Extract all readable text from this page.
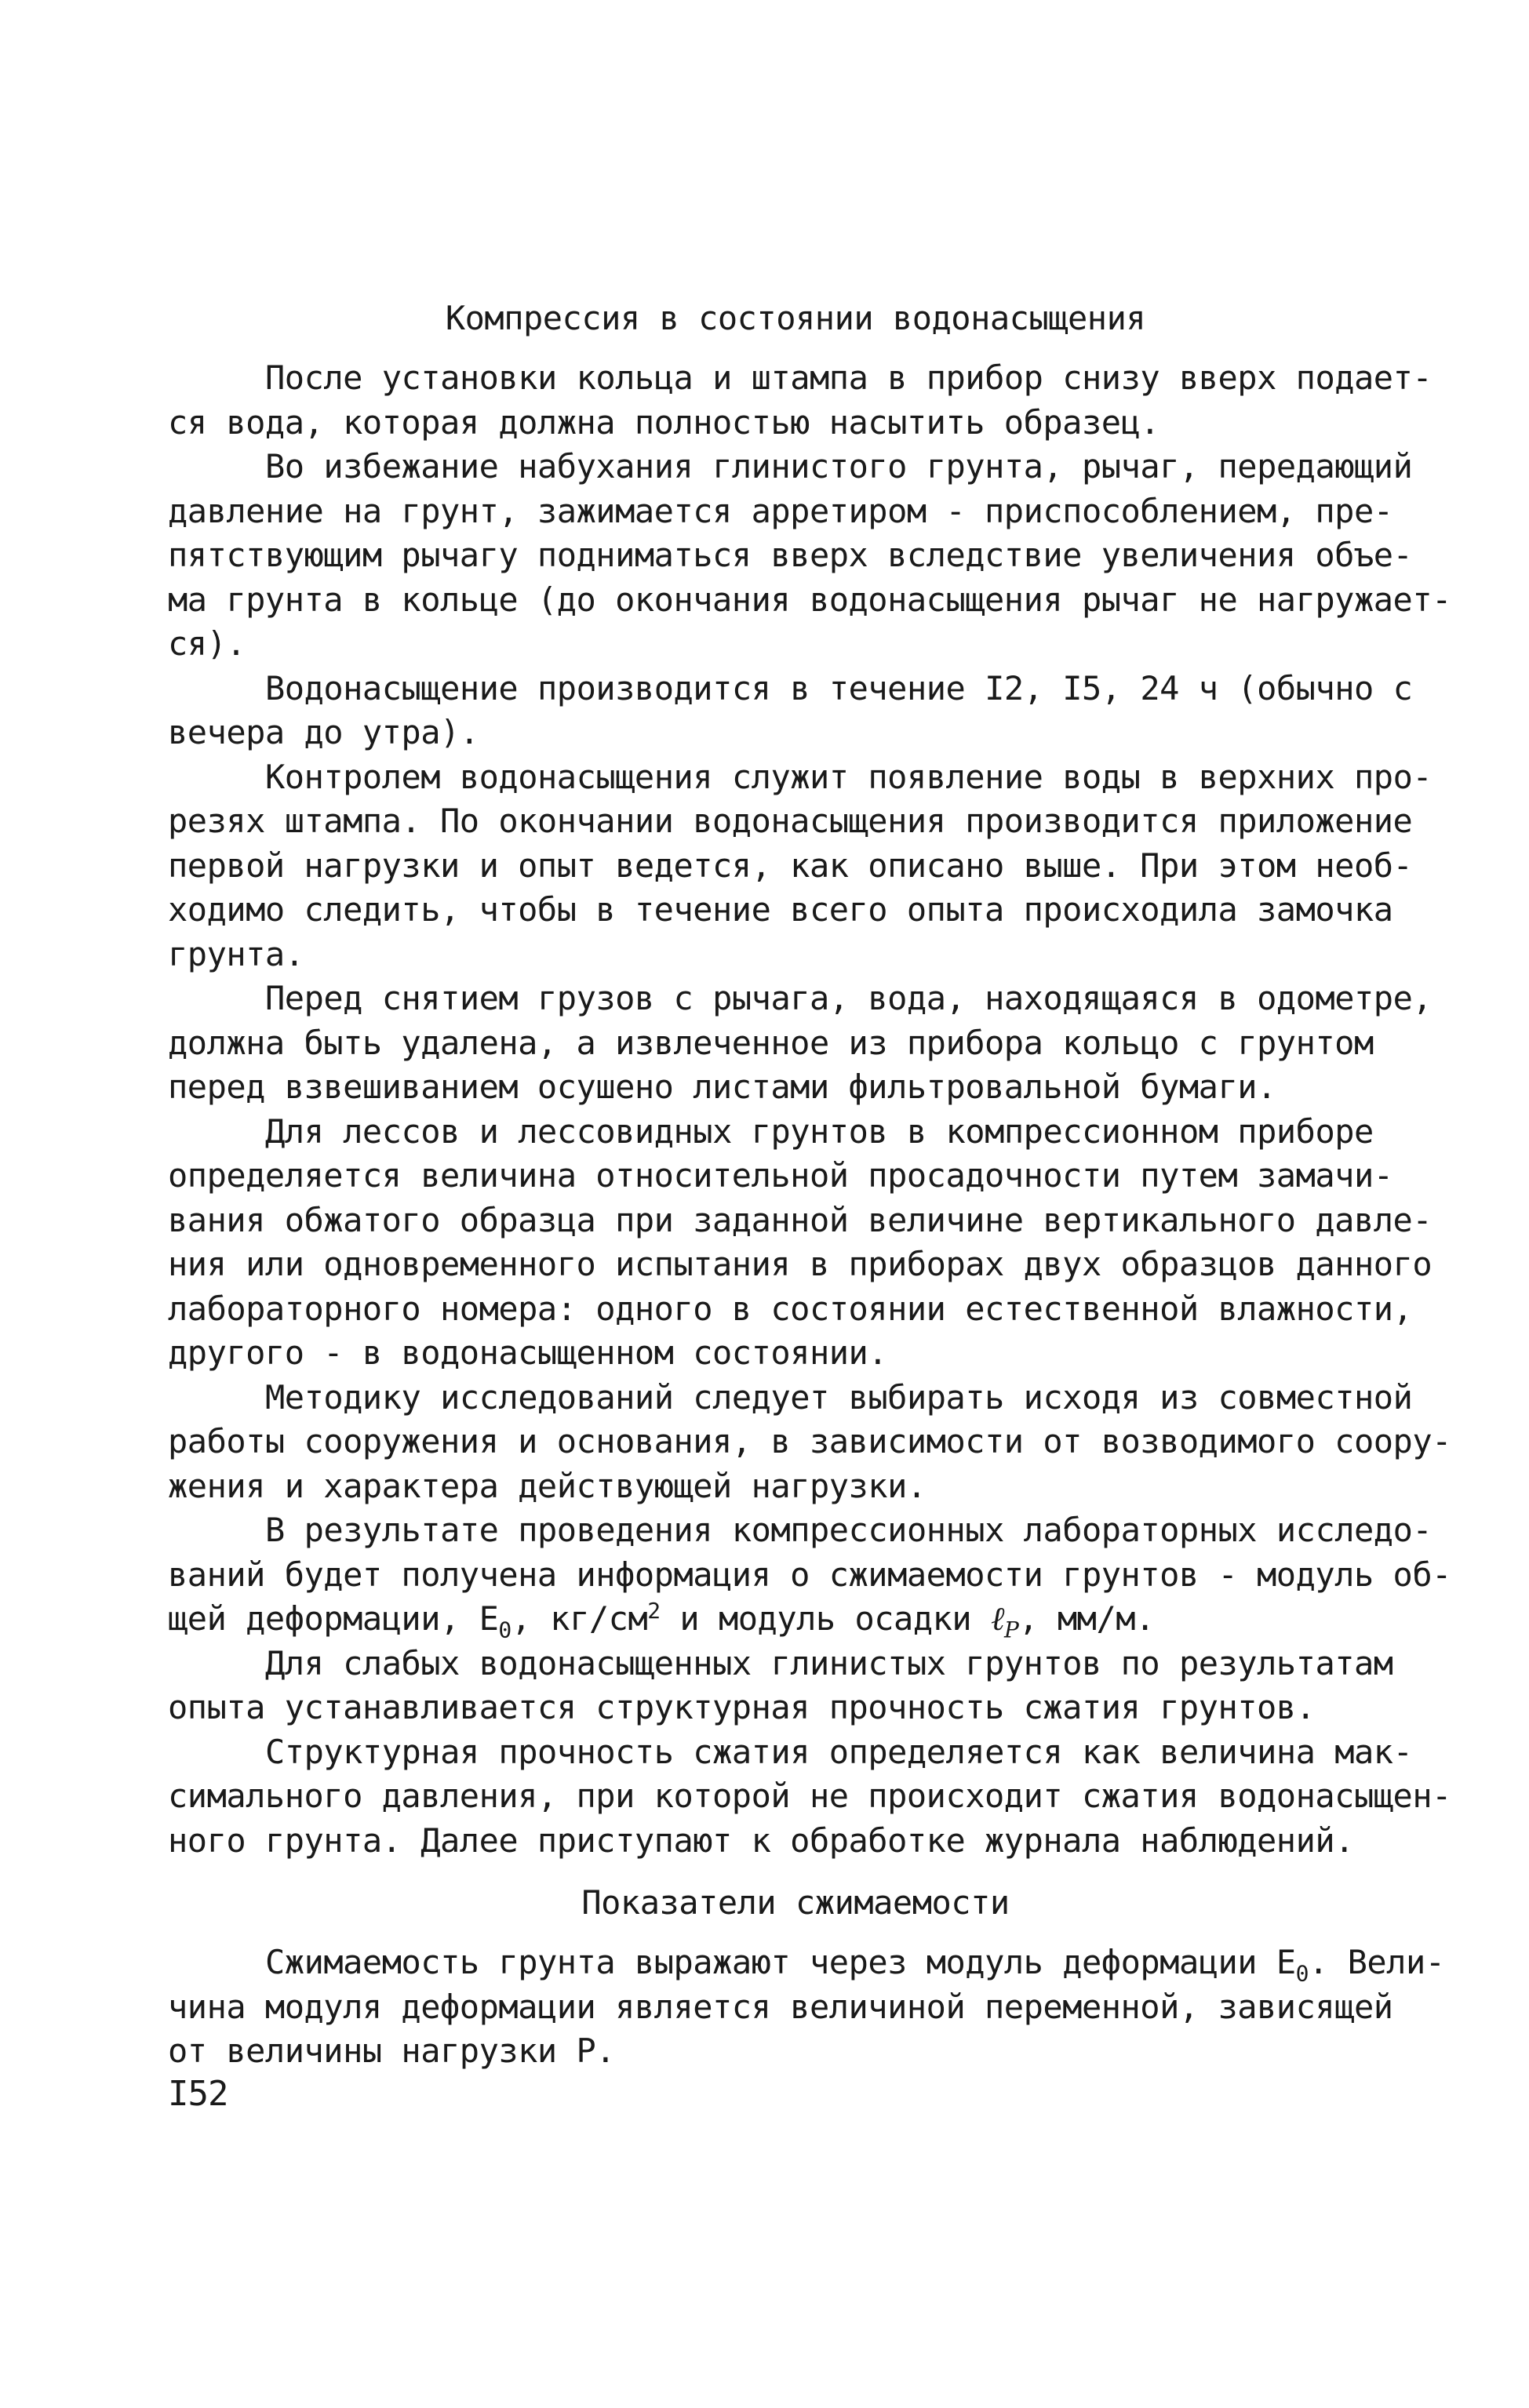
Компрессия в состоянии водонасыщения
После установки кольца и штампа в прибор снизу вверх подает-
ся вода, которая должна полностью насытить образец.
Во избежание набухания глинистого грунта, рычаг, передающий
давление на грунт, зажимается арретиром - приспособлением, пре-
пятствующим рычагу подниматься вверх вследствие увеличения объе-
ма грунта в кольце (до окончания водонасыщения рычаг не нагружает-
ся).
Водонасыщение производится в течение I2, I5, 24 ч (обычно с
вечера до утра).
Контролем водонасыщения служит появление воды в верхних про-
резях штампа. По окончании водонасыщения производится приложение
первой нагрузки и опыт ведется, как описано выше. При этом необ-
ходимо следить, чтобы в течение всего опыта происходила замочка
грунта.
Перед снятием грузов с рычага, вода, находящаяся в одометре,
должна быть удалена, а извлеченное из прибора кольцо с грунтом
перед взвешиванием осушено листами фильтровальной бумаги.
Для лессов и лессовидных грунтов в компрессионном приборе
определяется величина относительной просадочности путем замачи-
вания обжатого образца при заданной величине вертикального давле-
ния или одновременного испытания в приборах двух образцов данного
лабораторного номера: одного в состоянии естественной влажности,
другого - в водонасыщенном состоянии.
Методику исследований следует выбирать исходя из совместной
работы сооружения и основания, в зависимости от возводимого соору-
жения и характера действующей нагрузки.
В результате проведения компрессионных лабораторных исследо-
ваний будет получена информация о сжимаемости грунтов - модуль об-
щей деформации, $E_0$, $кг/см^2$ и модуль осадки ℓ$_P$, мм/м.
Для слабых водонасыщенных глинистых грунтов по результатам
опыта устанавливается структурная прочность сжатия грунтов.
Структурная прочность сжатия определяется как величина мак-
симального давления, при которой не происходит сжатия водонасыщен-
ного грунта. Далее приступают к обработке журнала наблюдений.
Показатели сжимаемости
Сжимаемость грунта выражают через модуль деформации $E_0$. Вели-
чина модуля деформации является величиной переменной, зависящей
от величины нагрузки P.
I52
